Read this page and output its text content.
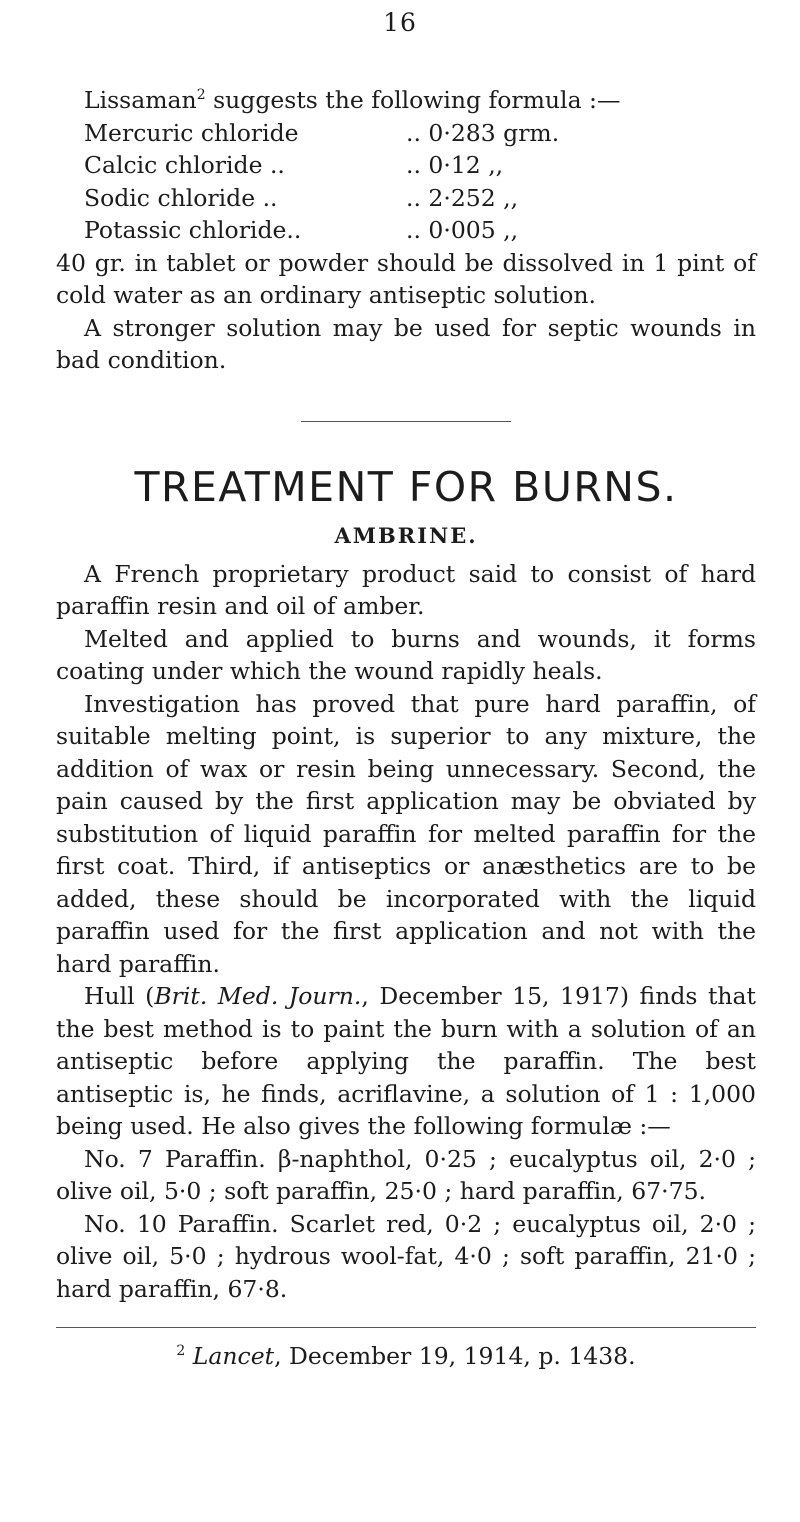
16

Lissaman$^2$ suggests the following formula :—

Mercuric chloride	.. 0·283 grm.
Calcic chloride ..	.. 0·12 ,,
Sodic chloride ..	.. 2·252 ,,
Potassic chloride..	.. 0·005 ,,

40 gr. in tablet or powder should be dissolved in 1 pint of cold water as an ordinary antiseptic solution.

A stronger solution may be used for septic wounds in bad condition.

TREATMENT FOR BURNS.
AMBRINE.

A French proprietary product said to consist of hard paraffin resin and oil of amber.

Melted and applied to burns and wounds, it forms coating under which the wound rapidly heals.

Investigation has proved that pure hard paraffin, of suitable melting point, is superior to any mixture, the addition of wax or resin being unnecessary. Second, the pain caused by the first application may be obviated by substitution of liquid paraffin for melted paraffin for the first coat. Third, if antiseptics or anæsthetics are to be added, these should be incorporated with the liquid paraffin used for the first application and not with the hard paraffin.

Hull (Brit. Med. Journ., December 15, 1917) finds that the best method is to paint the burn with a solution of an antiseptic before applying the paraffin. The best antiseptic is, he finds, acriflavine, a solution of 1 : 1,000 being used. He also gives the following formulæ :—

No. 7 Paraffin. β-naphthol, 0·25 ; eucalyptus oil, 2·0 ; olive oil, 5·0 ; soft paraffin, 25·0 ; hard paraffin, 67·75.

No. 10 Paraffin. Scarlet red, 0·2 ; eucalyptus oil, 2·0 ; olive oil, 5·0 ; hydrous wool-fat, 4·0 ; soft paraffin, 21·0 ; hard paraffin, 67·8.

$^2$ Lancet, December 19, 1914, p. 1438.
